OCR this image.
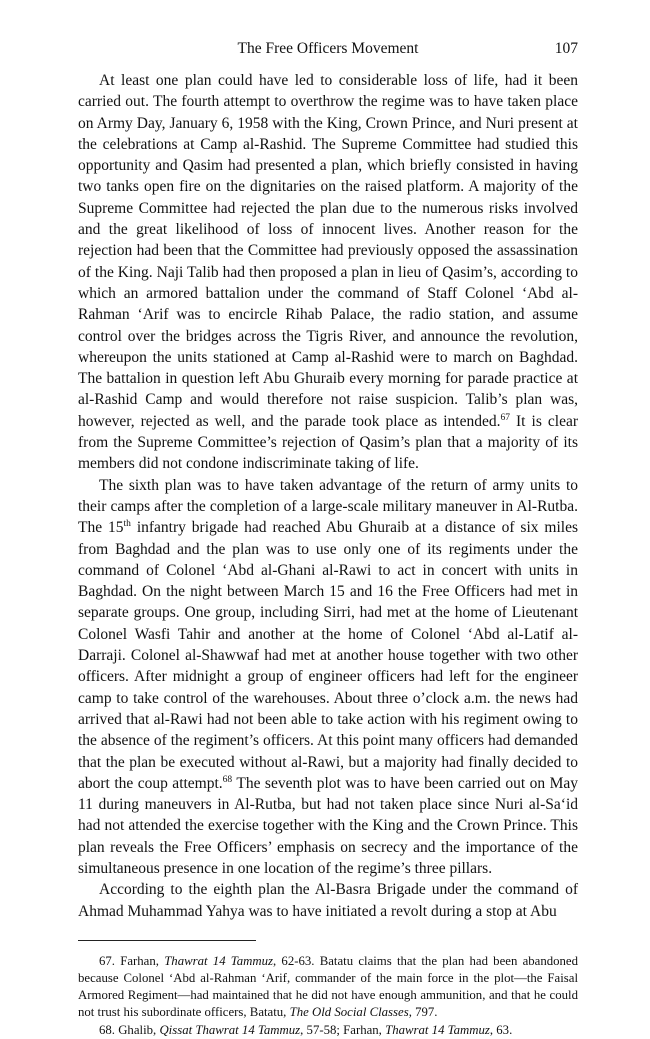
The Free Officers Movement	107

At least one plan could have led to considerable loss of life, had it been carried out. The fourth attempt to overthrow the regime was to have taken place on Army Day, January 6, 1958 with the King, Crown Prince, and Nuri present at the celebrations at Camp al-Rashid. The Supreme Committee had studied this opportunity and Qasim had presented a plan, which briefly consisted in having two tanks open fire on the dignitaries on the raised platform. A majority of the Supreme Committee had rejected the plan due to the numerous risks involved and the great likelihood of loss of innocent lives. Another reason for the rejection had been that the Committee had previously opposed the assassination of the King. Naji Talib had then proposed a plan in lieu of Qasim’s, according to which an armored battalion under the command of Staff Colonel ‘Abd al-Rahman ‘Arif was to encircle Rihab Palace, the radio station, and assume control over the bridges across the Tigris River, and announce the revolution, whereupon the units stationed at Camp al-Rashid were to march on Baghdad. The battalion in question left Abu Ghuraib every morning for parade practice at al-Rashid Camp and would therefore not raise suspicion. Talib’s plan was, however, rejected as well, and the parade took place as intended.$^{67}$ It is clear from the Supreme Committee’s rejection of Qasim’s plan that a majority of its members did not condone indiscriminate taking of life.

The sixth plan was to have taken advantage of the return of army units to their camps after the completion of a large-scale military maneuver in Al-Rutba. The 15th infantry brigade had reached Abu Ghuraib at a distance of six miles from Baghdad and the plan was to use only one of its regiments under the command of Colonel ‘Abd al-Ghani al-Rawi to act in concert with units in Baghdad. On the night between March 15 and 16 the Free Officers had met in separate groups. One group, including Sirri, had met at the home of Lieutenant Colonel Wasfi Tahir and another at the home of Colonel ‘Abd al-Latif al-Darraji. Colonel al-Shawwaf had met at another house together with two other officers. After midnight a group of engineer officers had left for the engineer camp to take control of the warehouses. About three o’clock a.m. the news had arrived that al-Rawi had not been able to take action with his regiment owing to the absence of the regiment’s officers. At this point many officers had demanded that the plan be executed without al-Rawi, but a majority had finally decided to abort the coup attempt.$^{68}$ The seventh plot was to have been carried out on May 11 during maneuvers in Al-Rutba, but had not taken place since Nuri al-Sa‘id had not attended the exercise together with the King and the Crown Prince. This plan reveals the Free Officers’ emphasis on secrecy and the importance of the simultaneous presence in one location of the regime’s three pillars.

According to the eighth plan the Al-Basra Brigade under the command of Ahmad Muhammad Yahya was to have initiated a revolt during a stop at Abu

67. Farhan, Thawrat 14 Tammuz, 62-63. Batatu claims that the plan had been abandoned because Colonel ‘Abd al-Rahman ‘Arif, commander of the main force in the plot—the Faisal Armored Regiment—had maintained that he did not have enough ammunition, and that he could not trust his subordinate officers, Batatu, The Old Social Classes, 797.

68. Ghalib, Qissat Thawrat 14 Tammuz, 57-58; Farhan, Thawrat 14 Tammuz, 63.
